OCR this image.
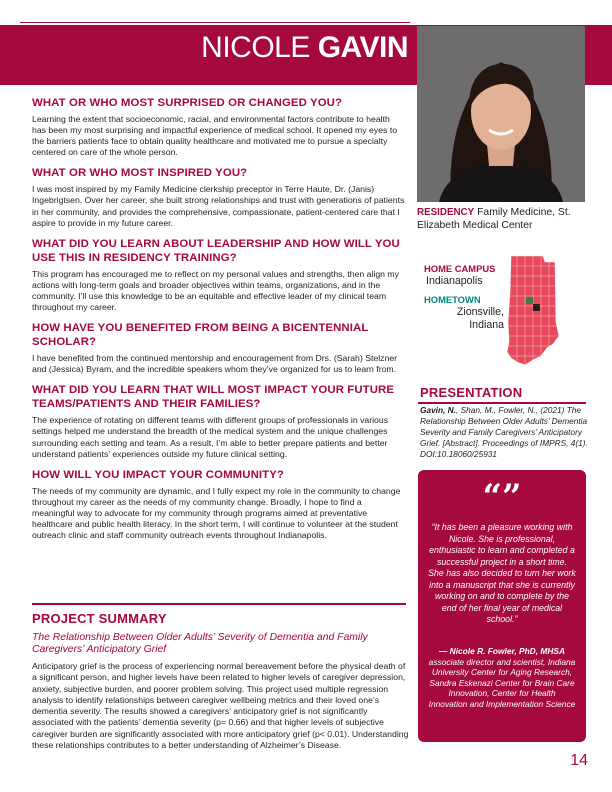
NICOLE GAVIN
WHAT OR WHO MOST SURPRISED OR CHANGED YOU?
Learning the extent that socioeconomic, racial, and environmental factors contribute to health has been my most surprising and impactful experience of medical school. It opened my eyes to the barriers patients face to obtain quality healthcare and motivated me to pursue a specialty centered on care of the whole person.
WHAT OR WHO MOST INSPIRED YOU?
I was most inspired by my Family Medicine clerkship preceptor in Terre Haute, Dr. (Janis) Ingebrigtsen. Over her career, she built strong relationships and trust with generations of patients in her community, and provides the comprehensive, compassionate, patient-centered care that I aspire to provide in my future career.
WHAT DID YOU LEARN ABOUT LEADERSHIP AND HOW WILL YOU USE THIS IN RESIDENCY TRAINING?
This program has encouraged me to reflect on my personal values and strengths, then align my actions with long-term goals and broader objectives within teams, organizations, and in the community. I’ll use this knowledge to be an equitable and effective leader of my clinical team throughout my career.
HOW HAVE YOU BENEFITED FROM BEING A BICENTENNIAL SCHOLAR?
I have benefited from the continued mentorship and encouragement from Drs. (Sarah) Stelzner and (Jessica) Byram, and the incredible speakers whom they’ve organized for us to learn from.
WHAT DID YOU LEARN THAT WILL MOST IMPACT YOUR FUTURE TEAMS/PATIENTS AND THEIR FAMILIES?
The experience of rotating on different teams with different groups of professionals in various settings helped me understand the breadth of the medical system and the unique challenges surrounding each setting and team. As a result, I’m able to better prepare patients and better understand patients’ experiences outside my future clinical setting.
HOW WILL YOU IMPACT YOUR COMMUNITY?
The needs of my community are dynamic, and I fully expect my role in the community to change throughout my career as the needs of my community change. Broadly, I hope to find a meaningful way to advocate for my community through programs aimed at preventative healthcare and public health literacy. In the short term, I will continue to volunteer at the student outreach clinic and staff community outreach events throughout Indianapolis.
PROJECT SUMMARY
The Relationship Between Older Adults’ Severity of Dementia and Family Caregivers’ Anticipatory Grief
Anticipatory grief is the process of experiencing normal bereavement before the physical death of a significant person, and higher levels have been related to higher levels of caregiver depression, anxiety, subjective burden, and poorer problem solving. This project used multiple regression analysis to identify relationships between caregiver wellbeing metrics and their loved one’s dementia severity. The results showed a caregivers’ anticipatory grief is not significantly associated with the patients’ dementia severity (p= 0.66) and that higher levels of subjective caregiver burden are significantly associated with more anticipatory grief (p< 0.01). Understanding these relationships contributes to a better understanding of Alzheimer’s Disease.
RESIDENCY Family Medicine, St. Elizabeth Medical Center
HOME CAMPUS
Indianapolis
HOMETOWN
Zionsville, Indiana
PRESENTATION
Gavin, N., Shan, M., Fowler, N., (2021) The Relationship Between Older Adults’ Dementia Severity and Family Caregivers’ Anticipatory Grief. [Abstract]. Proceedings of IMPRS, 4(1). DOI:10.18060/25931
“”
“It has been a pleasure working with Nicole. She is professional, enthusiastic to learn and completed a successful project in a short time. She has also decided to turn her work into a manuscript that she is currently working on and to complete by the end of her final year of medical school.”
— Nicole R. Fowler, PhD, MHSA
associate director and scientist, Indiana University Center for Aging Research, Sandra Eskenazi Center for Brain Care Innovation, Center for Health Innovation and Implementation Science
14
